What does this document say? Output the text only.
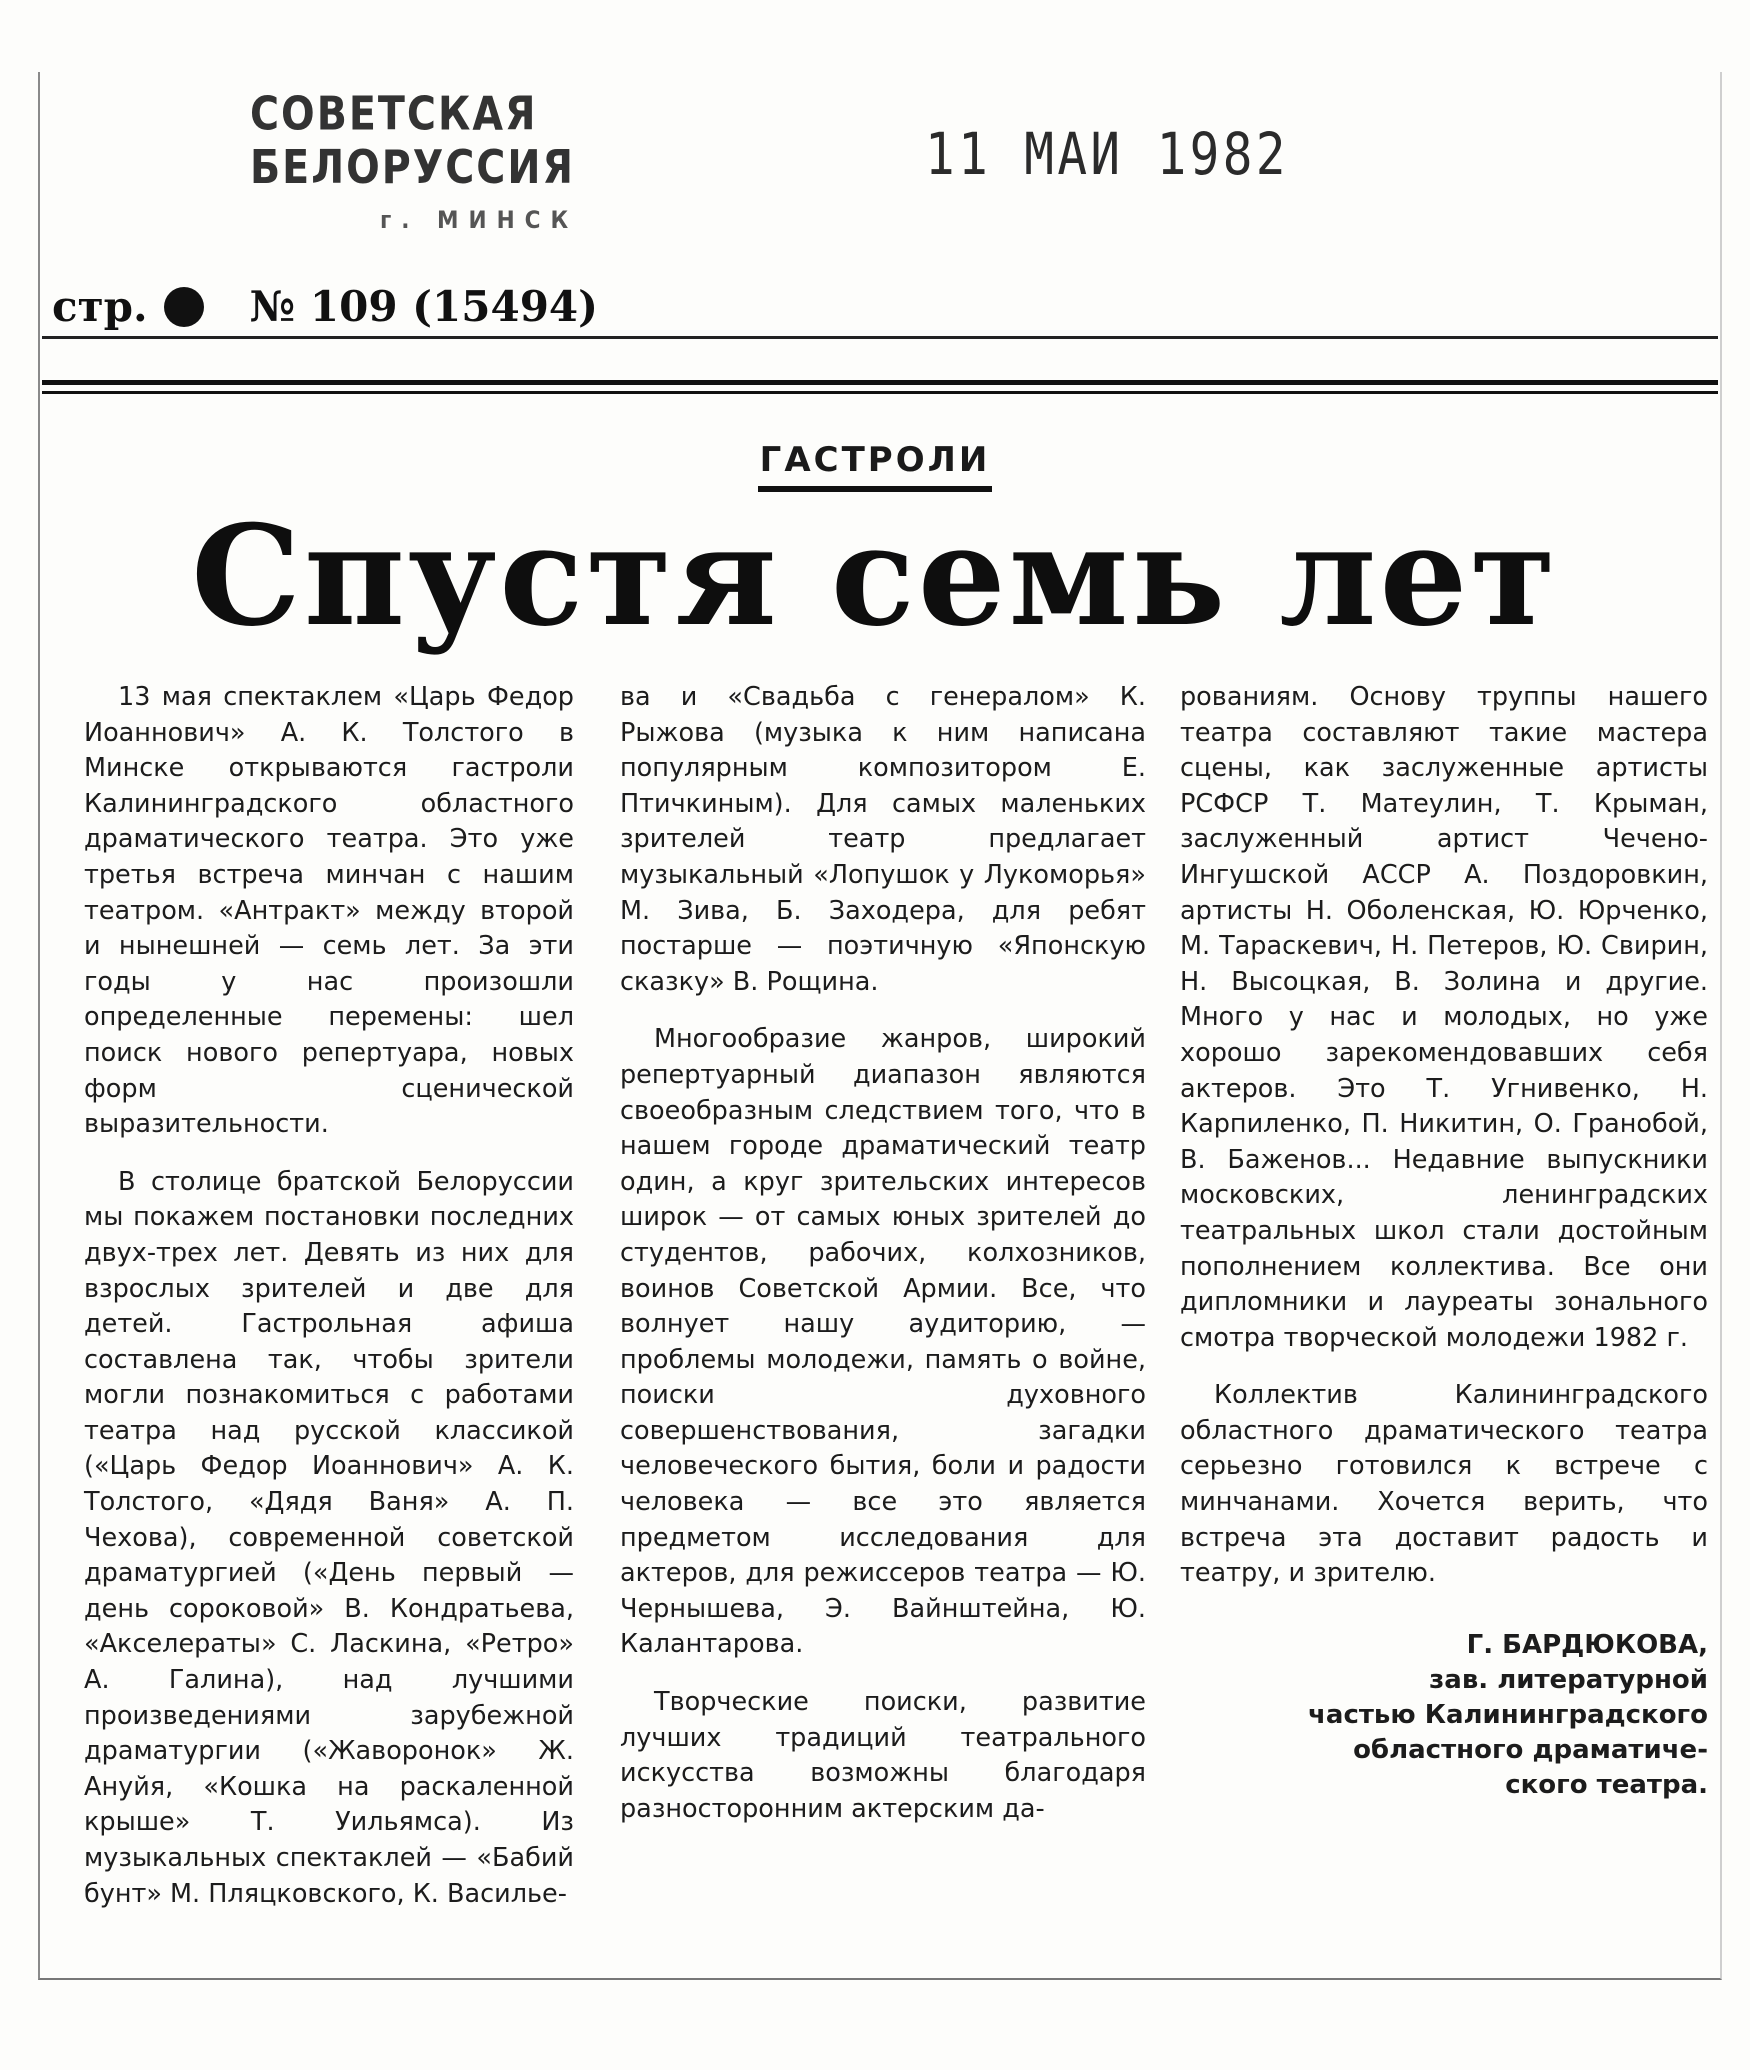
СОВЕТСКАЯ БЕЛОРУССИЯ
г. МИНСК
11 МАИ 1982
стр. № 109 (15494)
ГАСТРОЛИ
Спустя семь лет

13 мая спектаклем «Царь Федор Иоаннович» А. К. Толстого в Минске открываются гастроли Калининградского областного драматического театра. Это уже третья встреча минчан с нашим театром. «Антракт» между второй и нынешней — семь лет. За эти годы у нас произошли определенные перемены: шел поиск нового репертуара, новых форм сценической выразительности.

В столице братской Белоруссии мы покажем постановки последних двух-трех лет. Девять из них для взрослых зрителей и две для детей. Гастрольная афиша составлена так, чтобы зрители могли познакомиться с работами театра над русской классикой («Царь Федор Иоаннович» А. К. Толстого, «Дядя Ваня» А. П. Чехова), современной советской драматургией («День первый — день сороковой» В. Кондратьева, «Акселераты» С. Ласкина, «Ретро» А. Галина), над лучшими произведениями зарубежной драматургии («Жаворонок» Ж. Ануйя, «Кошка на раскаленной крыше» Т. Уильямса). Из музыкальных спектаклей — «Бабий бунт» М. Пляцковского, К. Василье-

ва и «Свадьба с генералом» К. Рыжова (музыка к ним написана популярным композитором Е. Птичкиным). Для самых маленьких зрителей театр предлагает музыкальный «Лопушок у Лукоморья» М. Зива, Б. Заходера, для ребят постарше — поэтичную «Японскую сказку» В. Рощина.

Многообразие жанров, широкий репертуарный диапазон являются своеобразным следствием того, что в нашем городе драматический театр один, а круг зрительских интересов широк — от самых юных зрителей до студентов, рабочих, колхозников, воинов Советской Армии. Все, что волнует нашу аудиторию, — проблемы молодежи, память о войне, поиски духовного совершенствования, загадки человеческого бытия, боли и радости человека — все это является предметом исследования для актеров, для режиссеров театра — Ю. Чернышева, Э. Вайнштейна, Ю. Калантарова.

Творческие поиски, развитие лучших традиций театрального искусства возможны благодаря разносторонним актерским да-

рованиям. Основу труппы нашего театра составляют такие мастера сцены, как заслуженные артисты РСФСР Т. Матеулин, Т. Крыман, заслуженный артист Чечено-Ингушской АССР А. Поздоровкин, артисты Н. Оболенская, Ю. Юрченко, М. Тараскевич, Н. Петеров, Ю. Свирин, Н. Высоцкая, В. Золина и другие. Много у нас и молодых, но уже хорошо зарекомендовавших себя актеров. Это Т. Угнивенко, Н. Карпиленко, П. Никитин, О. Гранобой, В. Баженов... Недавние выпускники московских, ленинградских театральных школ стали достойным пополнением коллектива. Все они дипломники и лауреаты зонального смотра творческой молодежи 1982 г.

Коллектив Калининградского областного драматического театра серьезно готовился к встрече с минчанами. Хочется верить, что встреча эта доставит радость и театру, и зрителю.

Г. БАРДЮКОВА,
зав. литературной
частью Калининградского
областного драматиче-
ского театра.
